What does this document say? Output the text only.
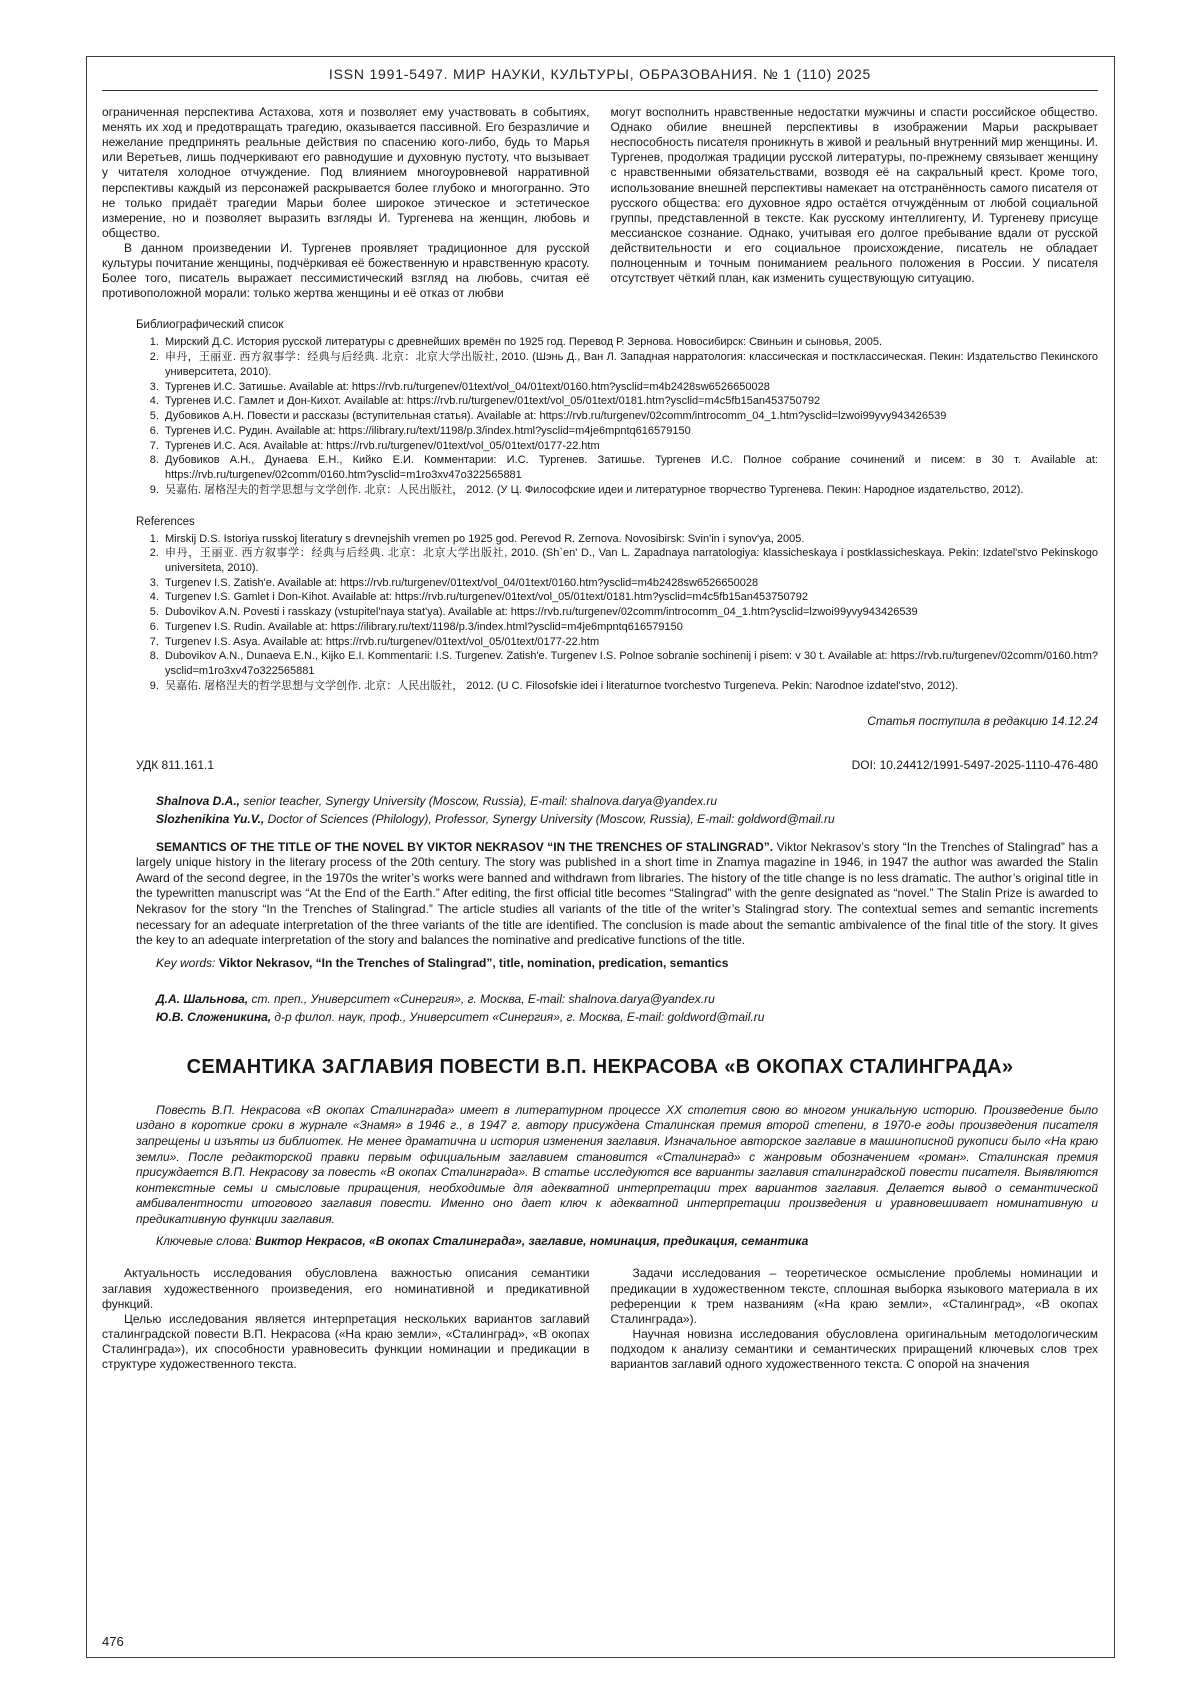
ISSN 1991-5497. МИР НАУКИ, КУЛЬТУРЫ, ОБРАЗОВАНИЯ. № 1 (110) 2025

ограниченная перспектива Астахова, хотя и позволяет ему участвовать в событиях, менять их ход и предотвращать трагедию, оказывается пассивной. Его безразличие и нежелание предпринять реальные действия по спасению кого-либо, будь то Марья или Веретьев, лишь подчеркивают его равнодушие и духовную пустоту, что вызывает у читателя холодное отчуждение. Под влиянием многоуровневой нарративной перспективы каждый из персонажей раскрывается более глубоко и многогранно. Это не только придаёт трагедии Марьи более широкое этическое и эстетическое измерение, но и позволяет выразить взгляды И. Тургенева на женщин, любовь и общество.

В данном произведении И. Тургенев проявляет традиционное для русской культуры почитание женщины, подчёркивая её божественную и нравственную красоту. Более того, писатель выражает пессимистический взгляд на любовь, считая её противоположной морали: только жертва женщины и её отказ от любви

могут восполнить нравственные недостатки мужчины и спасти российское общество. Однако обилие внешней перспективы в изображении Марьи раскрывает неспособность писателя проникнуть в живой и реальный внутренний мир женщины. И. Тургенев, продолжая традиции русской литературы, по-прежнему связывает женщину с нравственными обязательствами, возводя её на сакральный крест. Кроме того, использование внешней перспективы намекает на отстранённость самого писателя от русского общества: его духовное ядро остаётся отчуждённым от любой социальной группы, представленной в тексте. Как русскому интеллигенту, И. Тургеневу присуще мессианское сознание. Однако, учитывая его долгое пребывание вдали от русской действительности и его социальное происхождение, писатель не обладает полноценным и точным пониманием реального положения в России. У писателя отсутствует чёткий план, как изменить существующую ситуацию.

Библиографический список
1. Мирский Д.С. История русской литературы с древнейших времён по 1925 год. Перевод Р. Зернова. Новосибирск: Свиньин и сыновья, 2005.
2. 申丹，王丽亚. 西方叙事学：经典与后经典. 北京：北京大学出版社, 2010. (Шэнь Д., Ван Л. Западная нарратология: классическая и постклассическая. Пекин: Издательство Пекинского университета, 2010).
3. Тургенев И.С. Затишье. Available at: https://rvb.ru/turgenev/01text/vol_04/01text/0160.htm?ysclid=m4b2428sw6526650028
4. Тургенев И.С. Гамлет и Дон-Кихот. Available at: https://rvb.ru/turgenev/01text/vol_05/01text/0181.htm?ysclid=m4c5fb15an453750792
5. Дубовиков А.Н. Повести и рассказы (вступительная статья). Available at: https://rvb.ru/turgenev/02comm/introcomm_04_1.htm?ysclid=lzwoi99yvy943426539
6. Тургенев И.С. Рудин. Available at: https://ilibrary.ru/text/1198/p.3/index.html?ysclid=m4je6mpntq616579150
7. Тургенев И.С. Ася. Available at: https://rvb.ru/turgenev/01text/vol_05/01text/0177-22.htm
8. Дубовиков А.Н., Дунаева Е.Н., Кийко Е.И. Комментарии: И.С. Тургенев. Затишье. Тургенев И.С. Полное собрание сочинений и писем: в 30 т. Available at: https://rvb.ru/turgenev/02comm/0160.htm?ysclid=m1ro3xv47o322565881
9. 吴嘉佑. 屠格涅夫的哲学思想与文学创作. 北京：人民出版社， 2012. (У Ц. Философские идеи и литературное творчество Тургенева. Пекин: Народное издательство, 2012).
References
1. Mirskij D.S. Istoriya russkoj literatury s drevnejshih vremen po 1925 god. Perevod R. Zernova. Novosibirsk: Svin'in i synov'ya, 2005.
2. 申丹，王丽亚. 西方叙事学：经典与后经典. 北京：北京大学出版社, 2010. (Sh`en' D., Van L. Zapadnaya narratologiya: klassicheskaya i postklassicheskaya. Pekin: Izdatel'stvo Pekinskogo universiteta, 2010).
3. Turgenev I.S. Zatish'e. Available at: https://rvb.ru/turgenev/01text/vol_04/01text/0160.htm?ysclid=m4b2428sw6526650028
4. Turgenev I.S. Gamlet i Don-Kihot. Available at: https://rvb.ru/turgenev/01text/vol_05/01text/0181.htm?ysclid=m4c5fb15an453750792
5. Dubovikov A.N. Povesti i rasskazy (vstupitel'naya stat'ya). Available at: https://rvb.ru/turgenev/02comm/introcomm_04_1.htm?ysclid=lzwoi99yvy943426539
6. Turgenev I.S. Rudin. Available at: https://ilibrary.ru/text/1198/p.3/index.html?ysclid=m4je6mpntq616579150
7. Turgenev I.S. Asya. Available at: https://rvb.ru/turgenev/01text/vol_05/01text/0177-22.htm
8. Dubovikov A.N., Dunaeva E.N., Kijko E.I. Kommentarii: I.S. Turgenev. Zatish'e. Turgenev I.S. Polnoe sobranie sochinenij i pisem: v 30 t. Available at: https://rvb.ru/turgenev/02comm/0160.htm?ysclid=m1ro3xv47o322565881
9. 吴嘉佑. 屠格涅夫的哲学思想与文学创作. 北京：人民出版社， 2012. (U C. Filosofskie idei i literaturnoe tvorchestvo Turgeneva. Pekin: Narodnoe izdatel'stvo, 2012).
Статья поступила в редакцию 14.12.24
УДК 811.161.1	DOI: 10.24412/1991-5497-2025-1110-476-480

Shalnova D.A., senior teacher, Synergy University (Moscow, Russia), E-mail: shalnova.darya@yandex.ru

Slozhenikina Yu.V., Doctor of Sciences (Philology), Professor, Synergy University (Moscow, Russia), E-mail: goldword@mail.ru

SEMANTICS OF THE TITLE OF THE NOVEL BY VIKTOR NEKRASOV “IN THE TRENCHES OF STALINGRAD”. Viktor Nekrasov’s story “In the Trenches of Stalingrad” has a largely unique history in the literary process of the 20th century. The story was published in a short time in Znamya magazine in 1946, in 1947 the author was awarded the Stalin Award of the second degree, in the 1970s the writer’s works were banned and withdrawn from libraries. The history of the title change is no less dramatic. The author’s original title in the typewritten manuscript was “At the End of the Earth.” After editing, the first official title becomes “Stalingrad” with the genre designated as “novel.” The Stalin Prize is awarded to Nekrasov for the story “In the Trenches of Stalingrad.” The article studies all variants of the title of the writer’s Stalingrad story. The contextual semes and semantic increments necessary for an adequate interpretation of the three variants of the title are identified. The conclusion is made about the semantic ambivalence of the final title of the story. It gives the key to an adequate interpretation of the story and balances the nominative and predicative functions of the title.

Key words: Viktor Nekrasov, “In the Trenches of Stalingrad”, title, nomination, predication, semantics

Д.А. Шальнова, ст. преп., Университет «Синергия», г. Москва, E-mail: shalnova.darya@yandex.ru

Ю.В. Сложеникина, д-р филол. наук, проф., Университет «Синергия», г. Москва, E-mail: goldword@mail.ru

СЕМАНТИКА ЗАГЛАВИЯ ПОВЕСТИ В.П. НЕКРАСОВА «В ОКОПАХ СТАЛИНГРАДА»

Повесть В.П. Некрасова «В окопах Сталинграда» имеет в литературном процессе XX столетия свою во многом уникальную историю. Произведение было издано в короткие сроки в журнале «Знамя» в 1946 г., в 1947 г. автору присуждена Сталинская премия второй степени, в 1970-е годы произведения писателя запрещены и изъяты из библиотек. Не менее драматична и история изменения заглавия. Изначальное авторское заглавие в машинописной рукописи было «На краю земли». После редакторской правки первым официальным заглавием становится «Сталинград» с жанровым обозначением «роман». Сталинская премия присуждается В.П. Некрасову за повесть «В окопах Сталинграда». В статье исследуются все варианты заглавия сталинградской повести писателя. Выявляются контекстные семы и смысловые приращения, необходимые для адекватной интерпретации трех вариантов заглавия. Делается вывод о семантической амбивалентности итогового заглавия повести. Именно оно дает ключ к адекватной интерпретации произведения и уравновешивает номинативную и предикативную функции заглавия.

Ключевые слова: Виктор Некрасов, «В окопах Сталинграда», заглавие, номинация, предикация, семантика

Актуальность исследования обусловлена важностью описания семантики заглавия художественного произведения, его номинативной и предикативной функций.

Целью исследования является интерпретация нескольких вариантов заглавий сталинградской повести В.П. Некрасова («На краю земли», «Сталинград», «В окопах Сталинграда»), их способности уравновесить функции номинации и предикации в структуре художественного текста.

Задачи исследования – теоретическое осмысление проблемы номинации и предикации в художественном тексте, сплошная выборка языкового материала в их референции к трем названиям («На краю земли», «Сталинград», «В окопах Сталинграда»).

Научная новизна исследования обусловлена оригинальным методологическим подходом к анализу семантики и семантических приращений ключевых слов трех вариантов заглавий одного художественного текста. С опорой на значения

476
